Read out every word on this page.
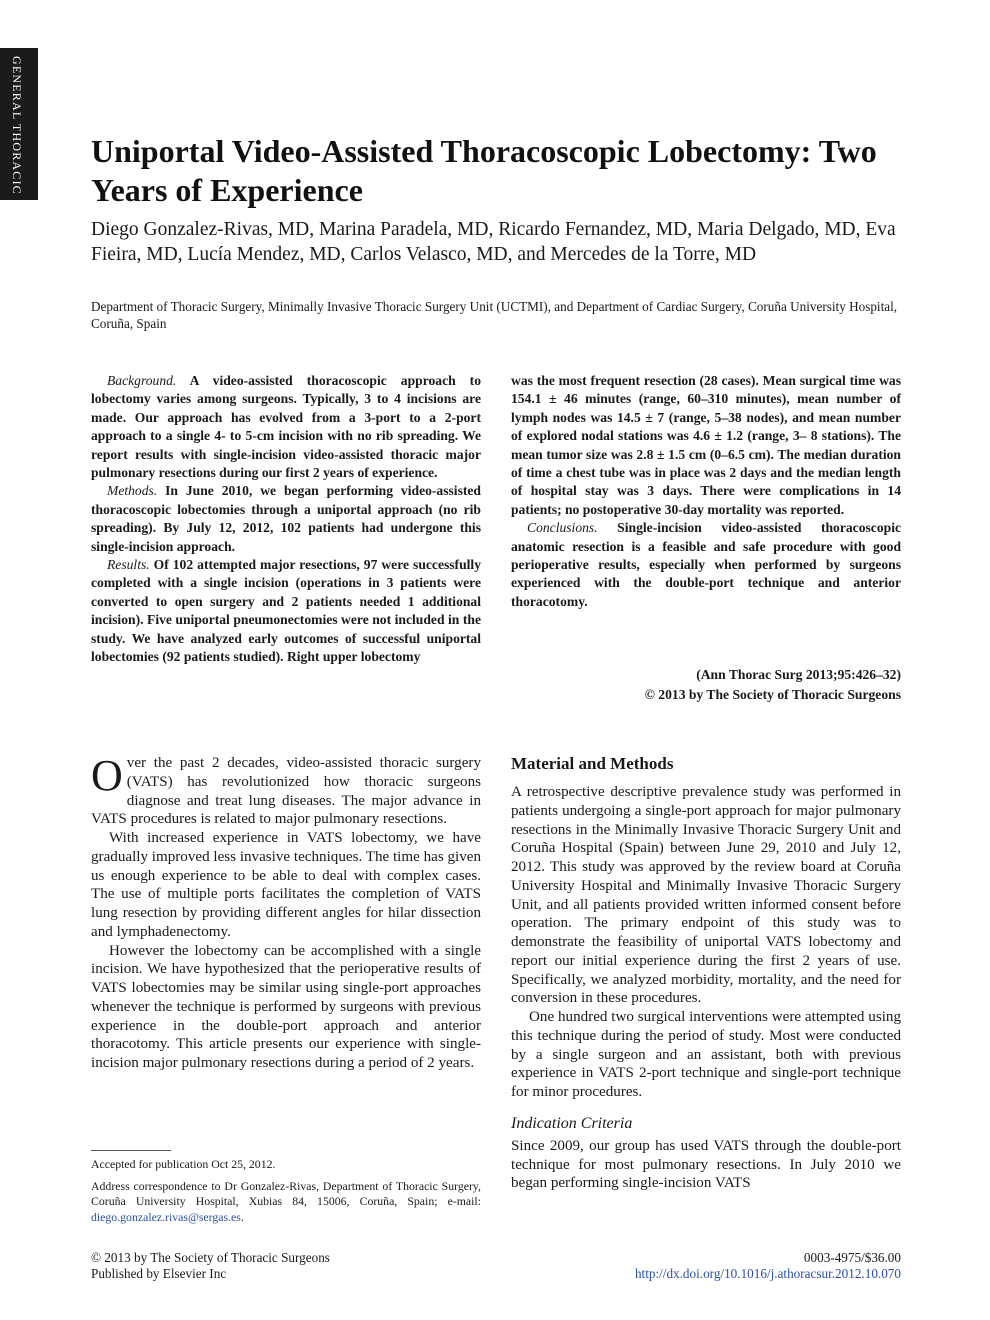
GENERAL THORACIC Uniportal Video-Assisted Thoracoscopic Lobectomy: Two Years of Experience

Diego Gonzalez-Rivas, MD, Marina Paradela, MD, Ricardo Fernandez, MD, Maria Delgado, MD, Eva Fieira, MD, Lucía Mendez, MD, Carlos Velasco, MD, and Mercedes de la Torre, MD

Department of Thoracic Surgery, Minimally Invasive Thoracic Surgery Unit (UCTMI), and Department of Cardiac Surgery, Coruña University Hospital, Coruña, Spain

Background. A video-assisted thoracoscopic approach to lobectomy varies among surgeons. Typically, 3 to 4 incisions are made. Our approach has evolved from a 3-port to a 2-port approach to a single 4- to 5-cm incision with no rib spreading. We report results with single-incision video-assisted thoracic major pulmonary resections during our first 2 years of experience.

Methods. In June 2010, we began performing video-assisted thoracoscopic lobectomies through a uniportal approach (no rib spreading). By July 12, 2012, 102 patients had undergone this single-incision approach.

Results. Of 102 attempted major resections, 97 were successfully completed with a single incision (operations in 3 patients were converted to open surgery and 2 patients needed 1 additional incision). Five uniportal pneumonectomies were not included in the study. We have analyzed early outcomes of successful uniportal lobectomies (92 patients studied). Right upper lobectomy

was the most frequent resection (28 cases). Mean surgical time was 154.1 ± 46 minutes (range, 60–310 minutes), mean number of lymph nodes was 14.5 ± 7 (range, 5–38 nodes), and mean number of explored nodal stations was 4.6 ± 1.2 (range, 3– 8 stations). The mean tumor size was 2.8 ± 1.5 cm (0–6.5 cm). The median duration of time a chest tube was in place was 2 days and the median length of hospital stay was 3 days. There were complications in 14 patients; no postoperative 30-day mortality was reported.

Conclusions. Single-incision video-assisted thoracoscopic anatomic resection is a feasible and safe procedure with good perioperative results, especially when performed by surgeons experienced with the double-port technique and anterior thoracotomy.

(Ann Thorac Surg 2013;95:426–32)
© 2013 by The Society of Thoracic Surgeons

Over the past 2 decades, video-assisted thoracic surgery (VATS) has revolutionized how thoracic surgeons diagnose and treat lung diseases. The major advance in VATS procedures is related to major pulmonary resections.

With increased experience in VATS lobectomy, we have gradually improved less invasive techniques. The time has given us enough experience to be able to deal with complex cases. The use of multiple ports facilitates the completion of VATS lung resection by providing different angles for hilar dissection and lymphadenectomy.

However the lobectomy can be accomplished with a single incision. We have hypothesized that the perioperative results of VATS lobectomies may be similar using single-port approaches whenever the technique is performed by surgeons with previous experience in the double-port approach and anterior thoracotomy. This article presents our experience with single-incision major pulmonary resections during a period of 2 years.

Material and Methods

A retrospective descriptive prevalence study was performed in patients undergoing a single-port approach for major pulmonary resections in the Minimally Invasive Thoracic Surgery Unit and Coruña Hospital (Spain) between June 29, 2010 and July 12, 2012. This study was approved by the review board at Coruña University Hospital and Minimally Invasive Thoracic Surgery Unit, and all patients provided written informed consent before operation. The primary endpoint of this study was to demonstrate the feasibility of uniportal VATS lobectomy and report our initial experience during the first 2 years of use. Specifically, we analyzed morbidity, mortality, and the need for conversion in these procedures.

One hundred two surgical interventions were attempted using this technique during the period of study. Most were conducted by a single surgeon and an assistant, both with previous experience in VATS 2-port technique and single-port technique for minor procedures.

Indication Criteria

Since 2009, our group has used VATS through the double-port technique for most pulmonary resections. In July 2010 we began performing single-incision VATS

Accepted for publication Oct 25, 2012.

Address correspondence to Dr Gonzalez-Rivas, Department of Thoracic Surgery, Coruña University Hospital, Xubias 84, 15006, Coruña, Spain; e-mail: diego.gonzalez.rivas@sergas.es.

© 2013 by The Society of Thoracic Surgeons
Published by Elsevier Inc
0003-4975/$36.00
http://dx.doi.org/10.1016/j.athoracsur.2012.10.070
